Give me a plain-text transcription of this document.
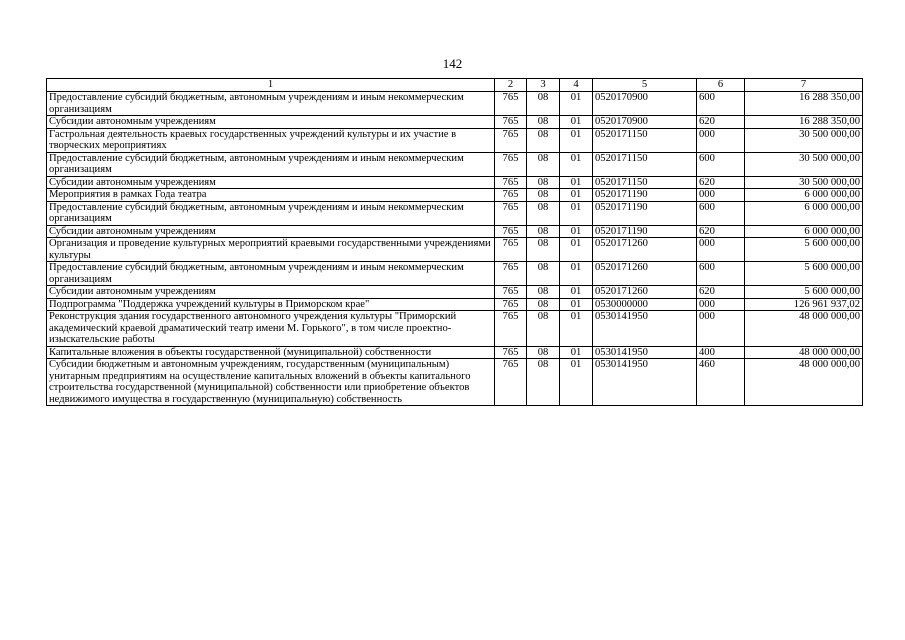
142
1	2	3	4	5	6	7
Предоставление субсидий бюджетным, автономным учреждениям и иным некоммерческим организациям	765	08	01	0520170900	600	16 288 350,00
Субсидии автономным учреждениям	765	08	01	0520170900	620	16 288 350,00
Гастрольная деятельность краевых государственных учреждений культуры и их участие в творческих мероприятиях	765	08	01	0520171150	000	30 500 000,00
Предоставление субсидий бюджетным, автономным учреждениям и иным некоммерческим организациям	765	08	01	0520171150	600	30 500 000,00
Субсидии автономным учреждениям	765	08	01	0520171150	620	30 500 000,00
Мероприятия в рамках Года театра	765	08	01	0520171190	000	6 000 000,00
Предоставление субсидий бюджетным, автономным учреждениям и иным некоммерческим организациям	765	08	01	0520171190	600	6 000 000,00
Субсидии автономным учреждениям	765	08	01	0520171190	620	6 000 000,00
Организация и проведение культурных мероприятий краевыми государственными учреждениями культуры	765	08	01	0520171260	000	5 600 000,00
Предоставление субсидий бюджетным, автономным учреждениям и иным некоммерческим организациям	765	08	01	0520171260	600	5 600 000,00
Субсидии автономным учреждениям	765	08	01	0520171260	620	5 600 000,00
Подпрограмма "Поддержка учреждений культуры в Приморском крае"	765	08	01	0530000000	000	126 961 937,02
Реконструкция здания государственного автономного учреждения культуры "Приморский академический краевой драматический театр имени М. Горького", в том числе проектно-изыскательские работы	765	08	01	0530141950	000	48 000 000,00
Капитальные вложения в объекты государственной (муниципальной) собственности	765	08	01	0530141950	400	48 000 000,00
Субсидии бюджетным и автономным учреждениям, государственным (муниципальным) унитарным предприятиям на осуществление капитальных вложений в объекты капитального строительства государственной (муниципальной) собственности или приобретение объектов недвижимого имущества в государственную (муниципальную) собственность	765	08	01	0530141950	460	48 000 000,00
